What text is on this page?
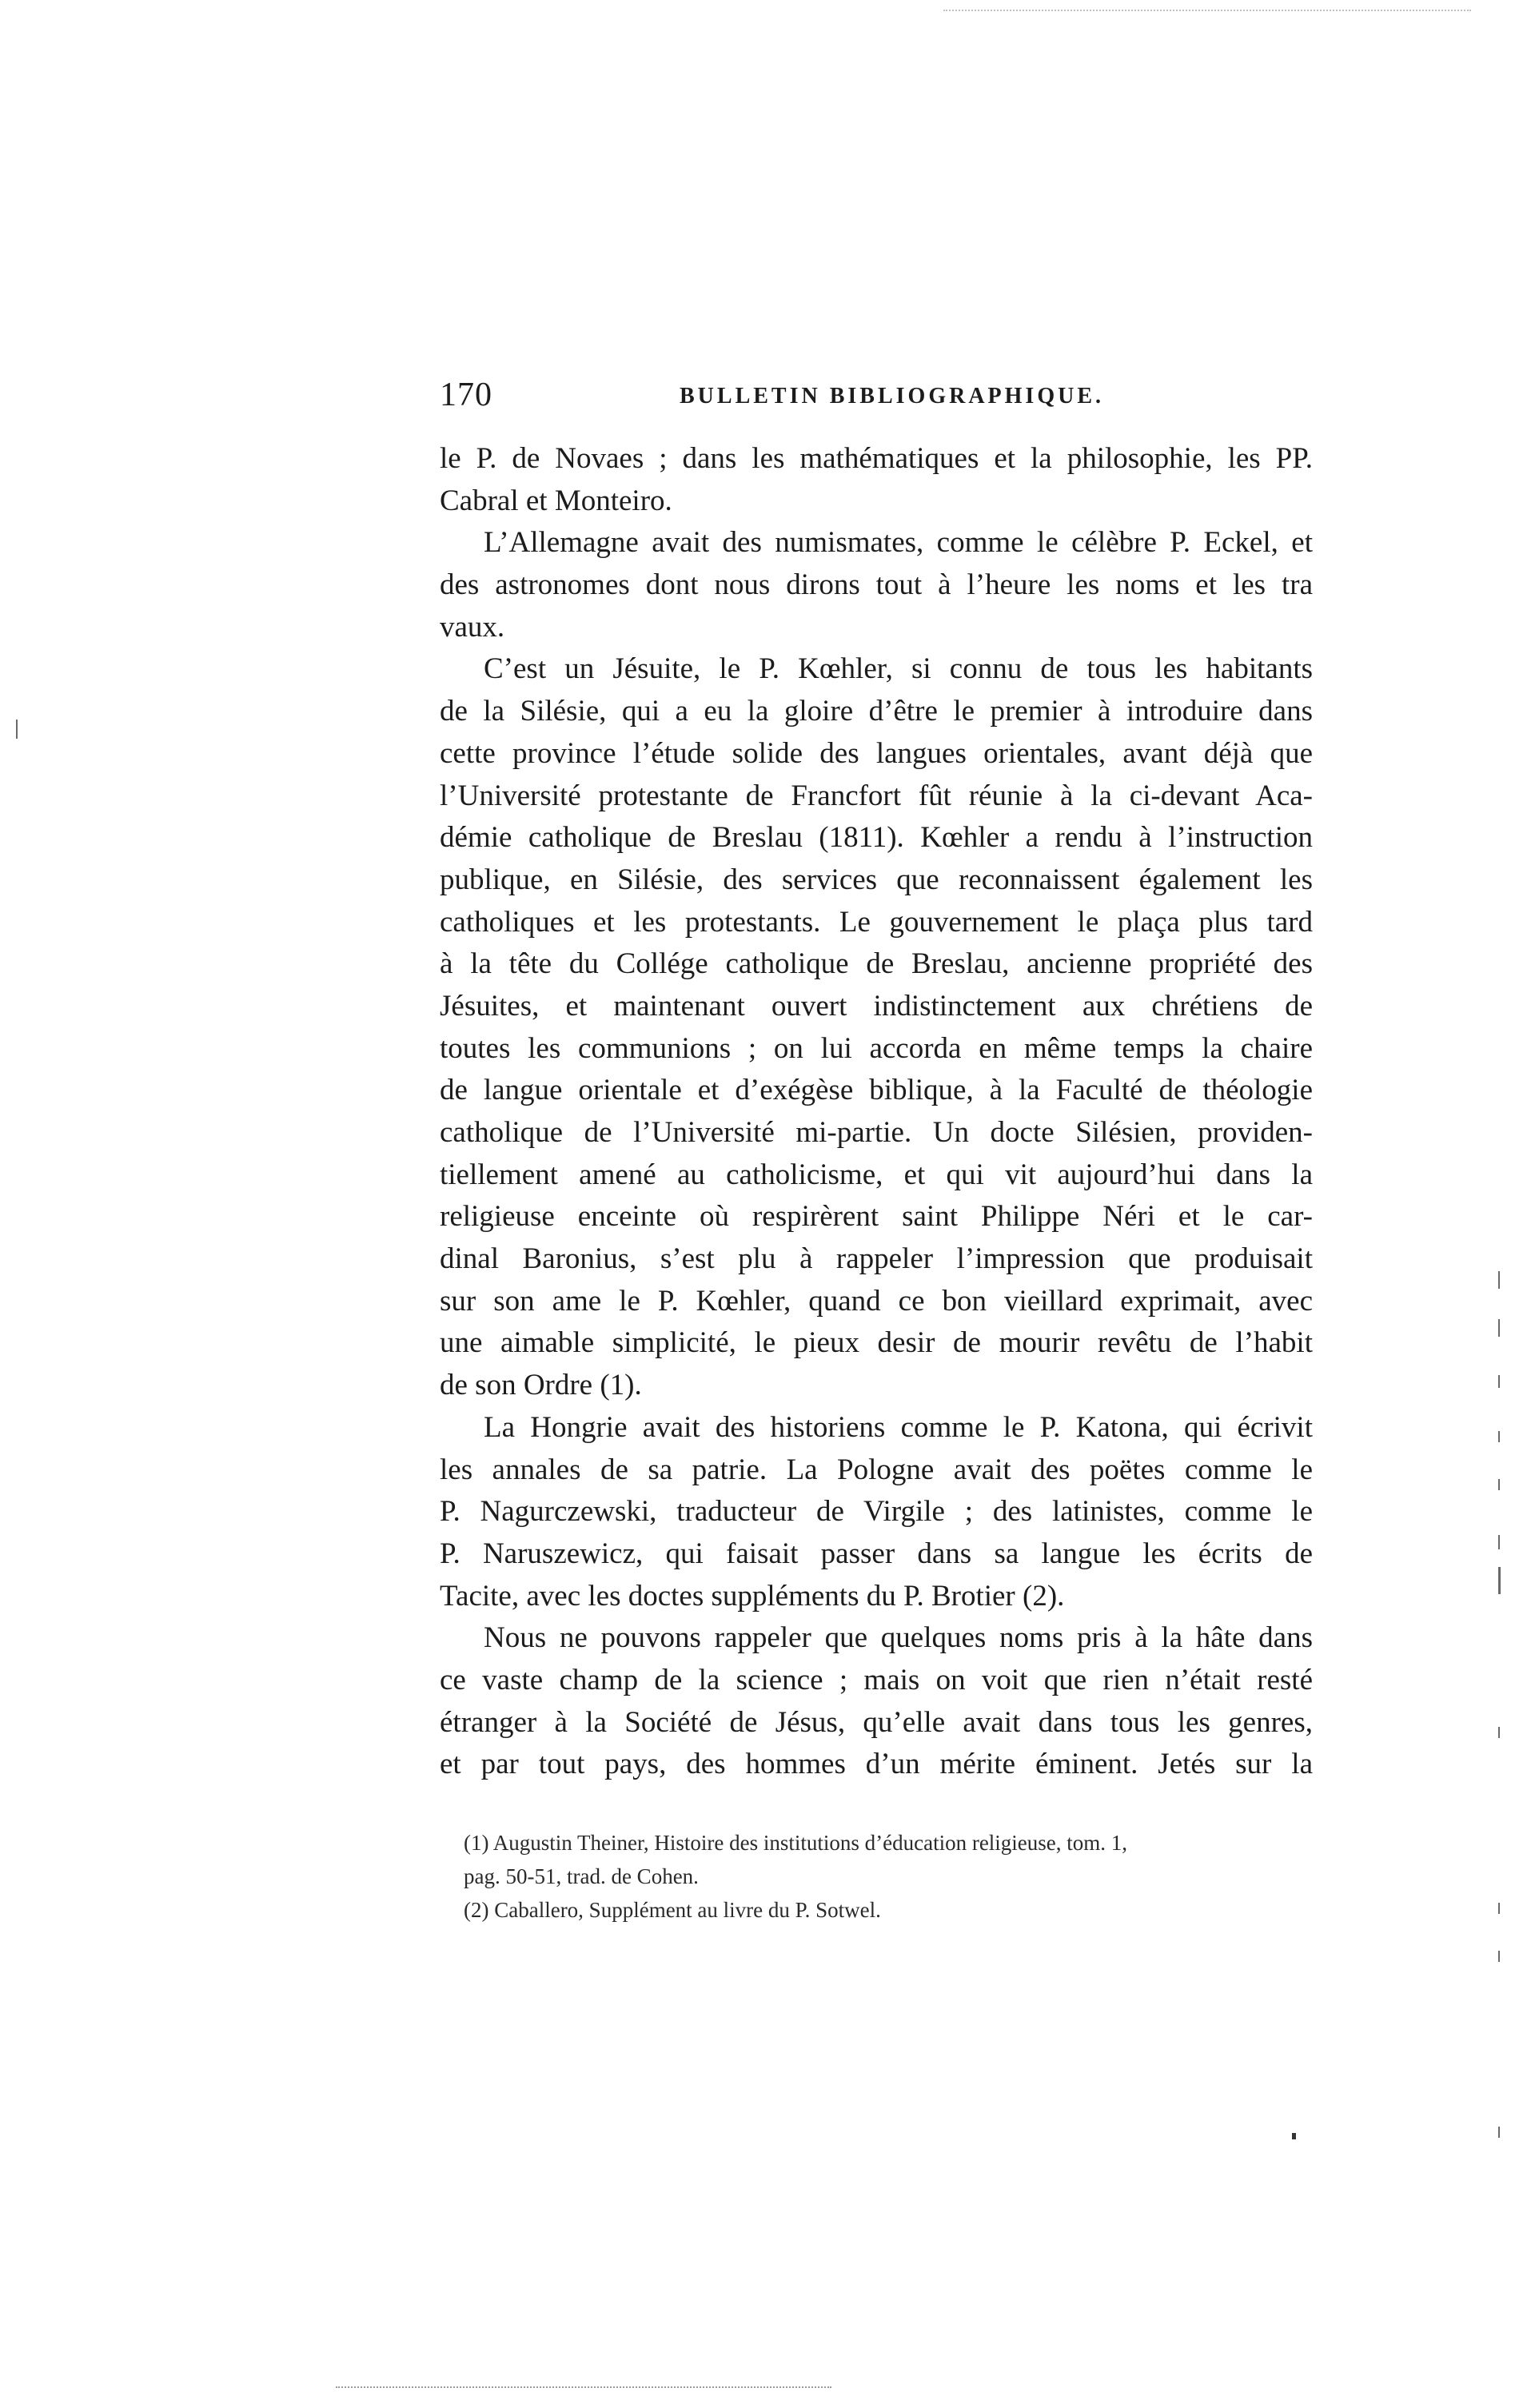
170	BULLETIN BIBLIOGRAPHIQUE.
le P. de Novaes ; dans les mathématiques et la philosophie, les PP.
Cabral et Monteiro.
L’Allemagne avait des numismates, comme le célèbre P. Eckel, et
des astronomes dont nous dirons tout à l’heure les noms et les tra
vaux.
C’est un Jésuite, le P. Kœhler, si connu de tous les habitants
de la Silésie, qui a eu la gloire d’être le premier à introduire dans
cette province l’étude solide des langues orientales, avant déjà que
l’Université protestante de Francfort fût réunie à la ci-devant Aca-
démie catholique de Breslau (1811). Kœhler a rendu à l’instruction
publique, en Silésie, des services que reconnaissent également les
catholiques et les protestants. Le gouvernement le plaça plus tard
à la tête du Collége catholique de Breslau, ancienne propriété des
Jésuites, et maintenant ouvert indistinctement aux chrétiens de
toutes les communions ; on lui accorda en même temps la chaire
de langue orientale et d’exégèse biblique, à la Faculté de théologie
catholique de l’Université mi-partie. Un docte Silésien, providen-
tiellement amené au catholicisme, et qui vit aujourd’hui dans la
religieuse enceinte où respirèrent saint Philippe Néri et le car-
dinal Baronius, s’est plu à rappeler l’impression que produisait
sur son ame le P. Kœhler, quand ce bon vieillard exprimait, avec
une aimable simplicité, le pieux desir de mourir revêtu de l’habit
de son Ordre (1).
La Hongrie avait des historiens comme le P. Katona, qui écrivit
les annales de sa patrie. La Pologne avait des poëtes comme le
P. Nagurczewski, traducteur de Virgile ; des latinistes, comme le
P. Naruszewicz, qui faisait passer dans sa langue les écrits de
Tacite, avec les doctes suppléments du P. Brotier (2).
Nous ne pouvons rappeler que quelques noms pris à la hâte dans
ce vaste champ de la science ; mais on voit que rien n’était resté
étranger à la Société de Jésus, qu’elle avait dans tous les genres,
et par tout pays, des hommes d’un mérite éminent. Jetés sur la
(1) Augustin Theiner, Histoire des institutions d’éducation religieuse, tom. 1,
pag. 50-51, trad. de Cohen.
(2) Caballero, Supplément au livre du P. Sotwel.
